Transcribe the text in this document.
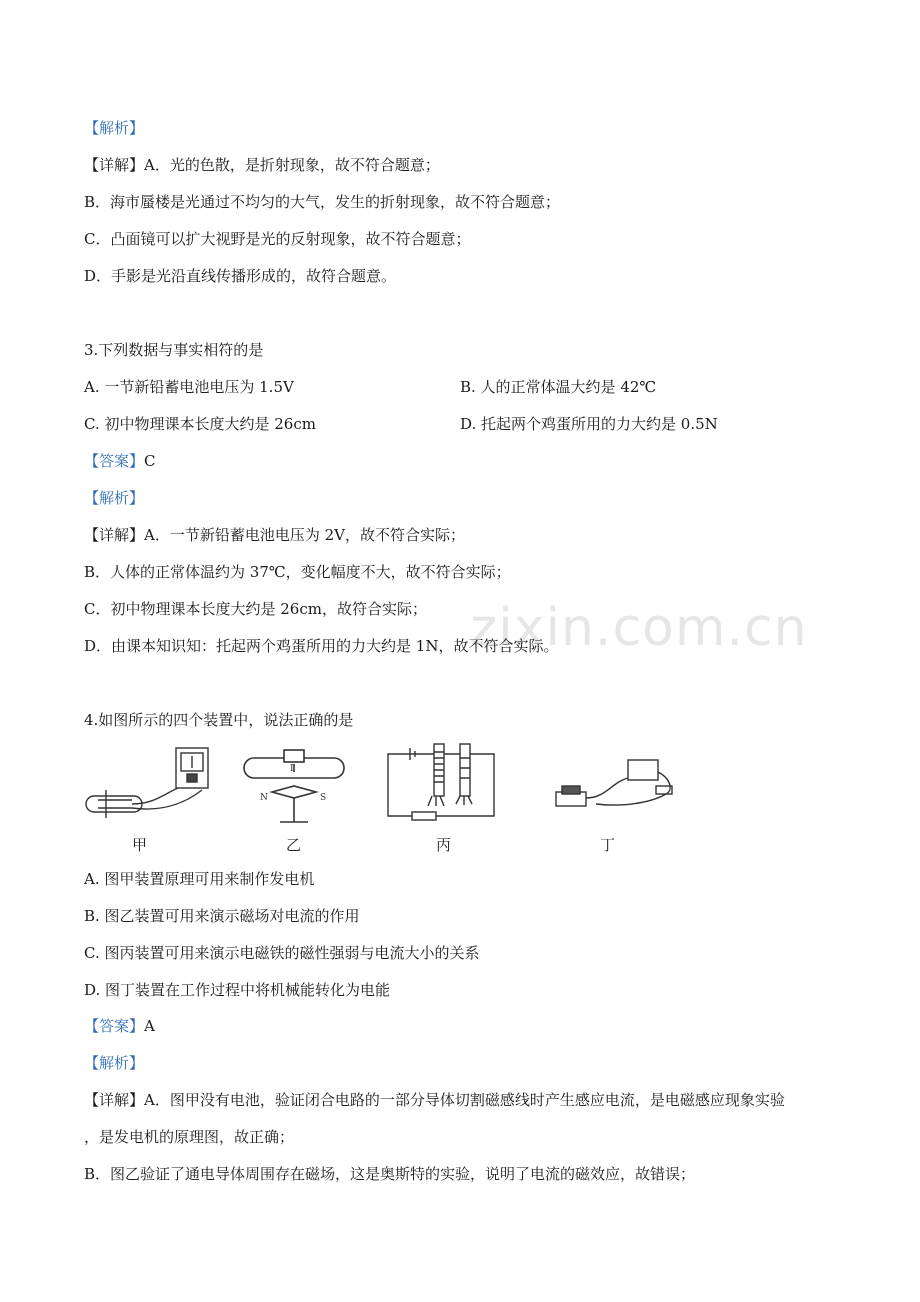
zixin.com.cn
【解析】
【详解】A．光的色散，是折射现象，故不符合题意；
B．海市蜃楼是光通过不均匀的大气，发生的折射现象，故不符合题意；
C．凸面镜可以扩大视野是光的反射现象，故不符合题意；
D．手影是光沿直线传播形成的，故符合题意。
3.下列数据与事实相符的是
A. 一节新铅蓄电池电压为 1.5V	B. 人的正常体温大约是 42℃
C. 初中物理课本长度大约是 26cm	D. 托起两个鸡蛋所用的力大约是 0.5N
【答案】C
【解析】
【详解】A．一节新铅蓄电池电压为 2V，故不符合实际；
B．人体的正常体温约为 37℃，变化幅度不大，故不符合实际；
C．初中物理课本长度大约是 26cm，故符合实际；
D．由课本知识知：托起两个鸡蛋所用的力大约是 1N，故不符合实际。
4.如图所示的四个装置中，说法正确的是
I
N	S
甲	乙	丙	丁
A. 图甲装置原理可用来制作发电机
B. 图乙装置可用来演示磁场对电流的作用
C. 图丙装置可用来演示电磁铁的磁性强弱与电流大小的关系
D. 图丁装置在工作过程中将机械能转化为电能
【答案】A
【解析】
【详解】A．图甲没有电池，验证闭合电路的一部分导体切割磁感线时产生感应电流，是电磁感应现象实验
，是发电机的原理图，故正确；
B．图乙验证了通电导体周围存在磁场，这是奥斯特的实验，说明了电流的磁效应，故错误；
